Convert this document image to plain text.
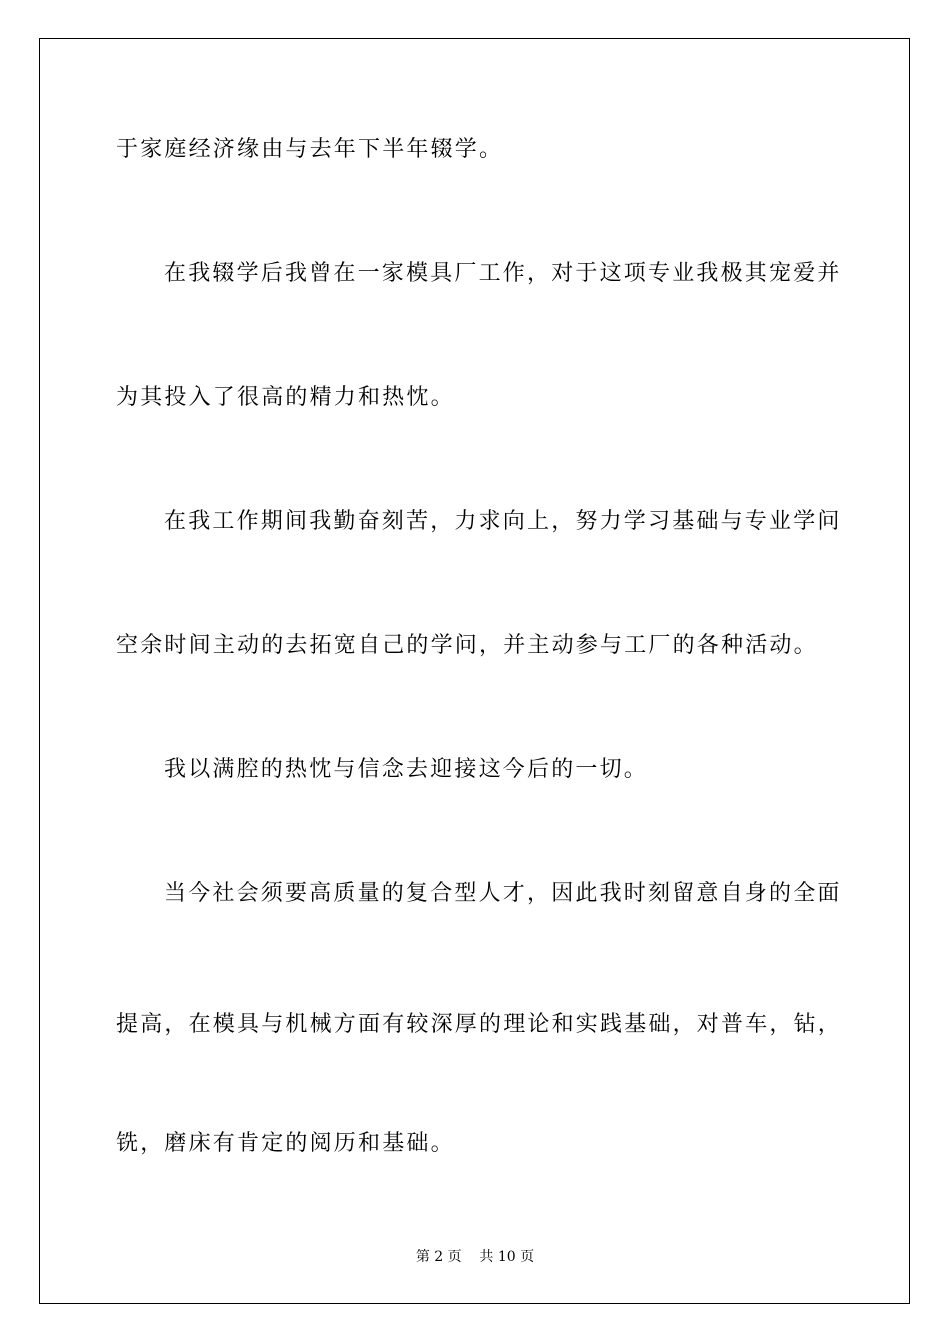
于家庭经济缘由与去年下半年辍学。
在我辍学后我曾在一家模具厂工作，对于这项专业我极其宠爱并
为其投入了很高的精力和热忱。
在我工作期间我勤奋刻苦，力求向上，努力学习基础与专业学问
空余时间主动的去拓宽自己的学问，并主动参与工厂的各种活动。
我以满腔的热忱与信念去迎接这今后的一切。
当今社会须要高质量的复合型人才，因此我时刻留意自身的全面
提高，在模具与机械方面有较深厚的理论和实践基础，对普车，钻，
铣，磨床有肯定的阅历和基础。
第 2 页    共 10 页
